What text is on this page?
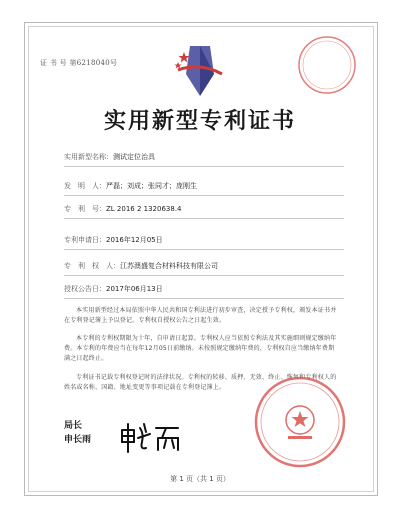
证 书 号 第6218040号
实用新型专利证书
实用新型名称：测试定位治具
发　明　人：严磊；刘成；张同才；庞刚生
专　利　号：ZL 2016 2 1320638.4
专利申请日：2016年12月05日
专　利　权　人：江苏澳盛复合材料科技有限公司
授权公告日：2017年06月13日
本实用新型经过本局依照中华人民共和国专利法进行初步审查，决定授予专利权，颁发本证书并在专利登记簿上予以登记。专利权自授权公告之日起生效。
本专利的专利权期限为十年，自申请日起算。专利权人应当依照专利法及其实施细则规定缴纳年费。本专利的年费应当在每年12月05日前缴纳。未按照规定缴纳年费的，专利权自应当缴纳年费期满之日起终止。
专利证书记载专利权登记时的法律状况。专利权的转移、质押、无效、终止、恢复和专利权人的姓名或名称、国籍、地址变更等事项记载在专利登记簿上。
局长
申长雨
第 1 页（共 1 页）
